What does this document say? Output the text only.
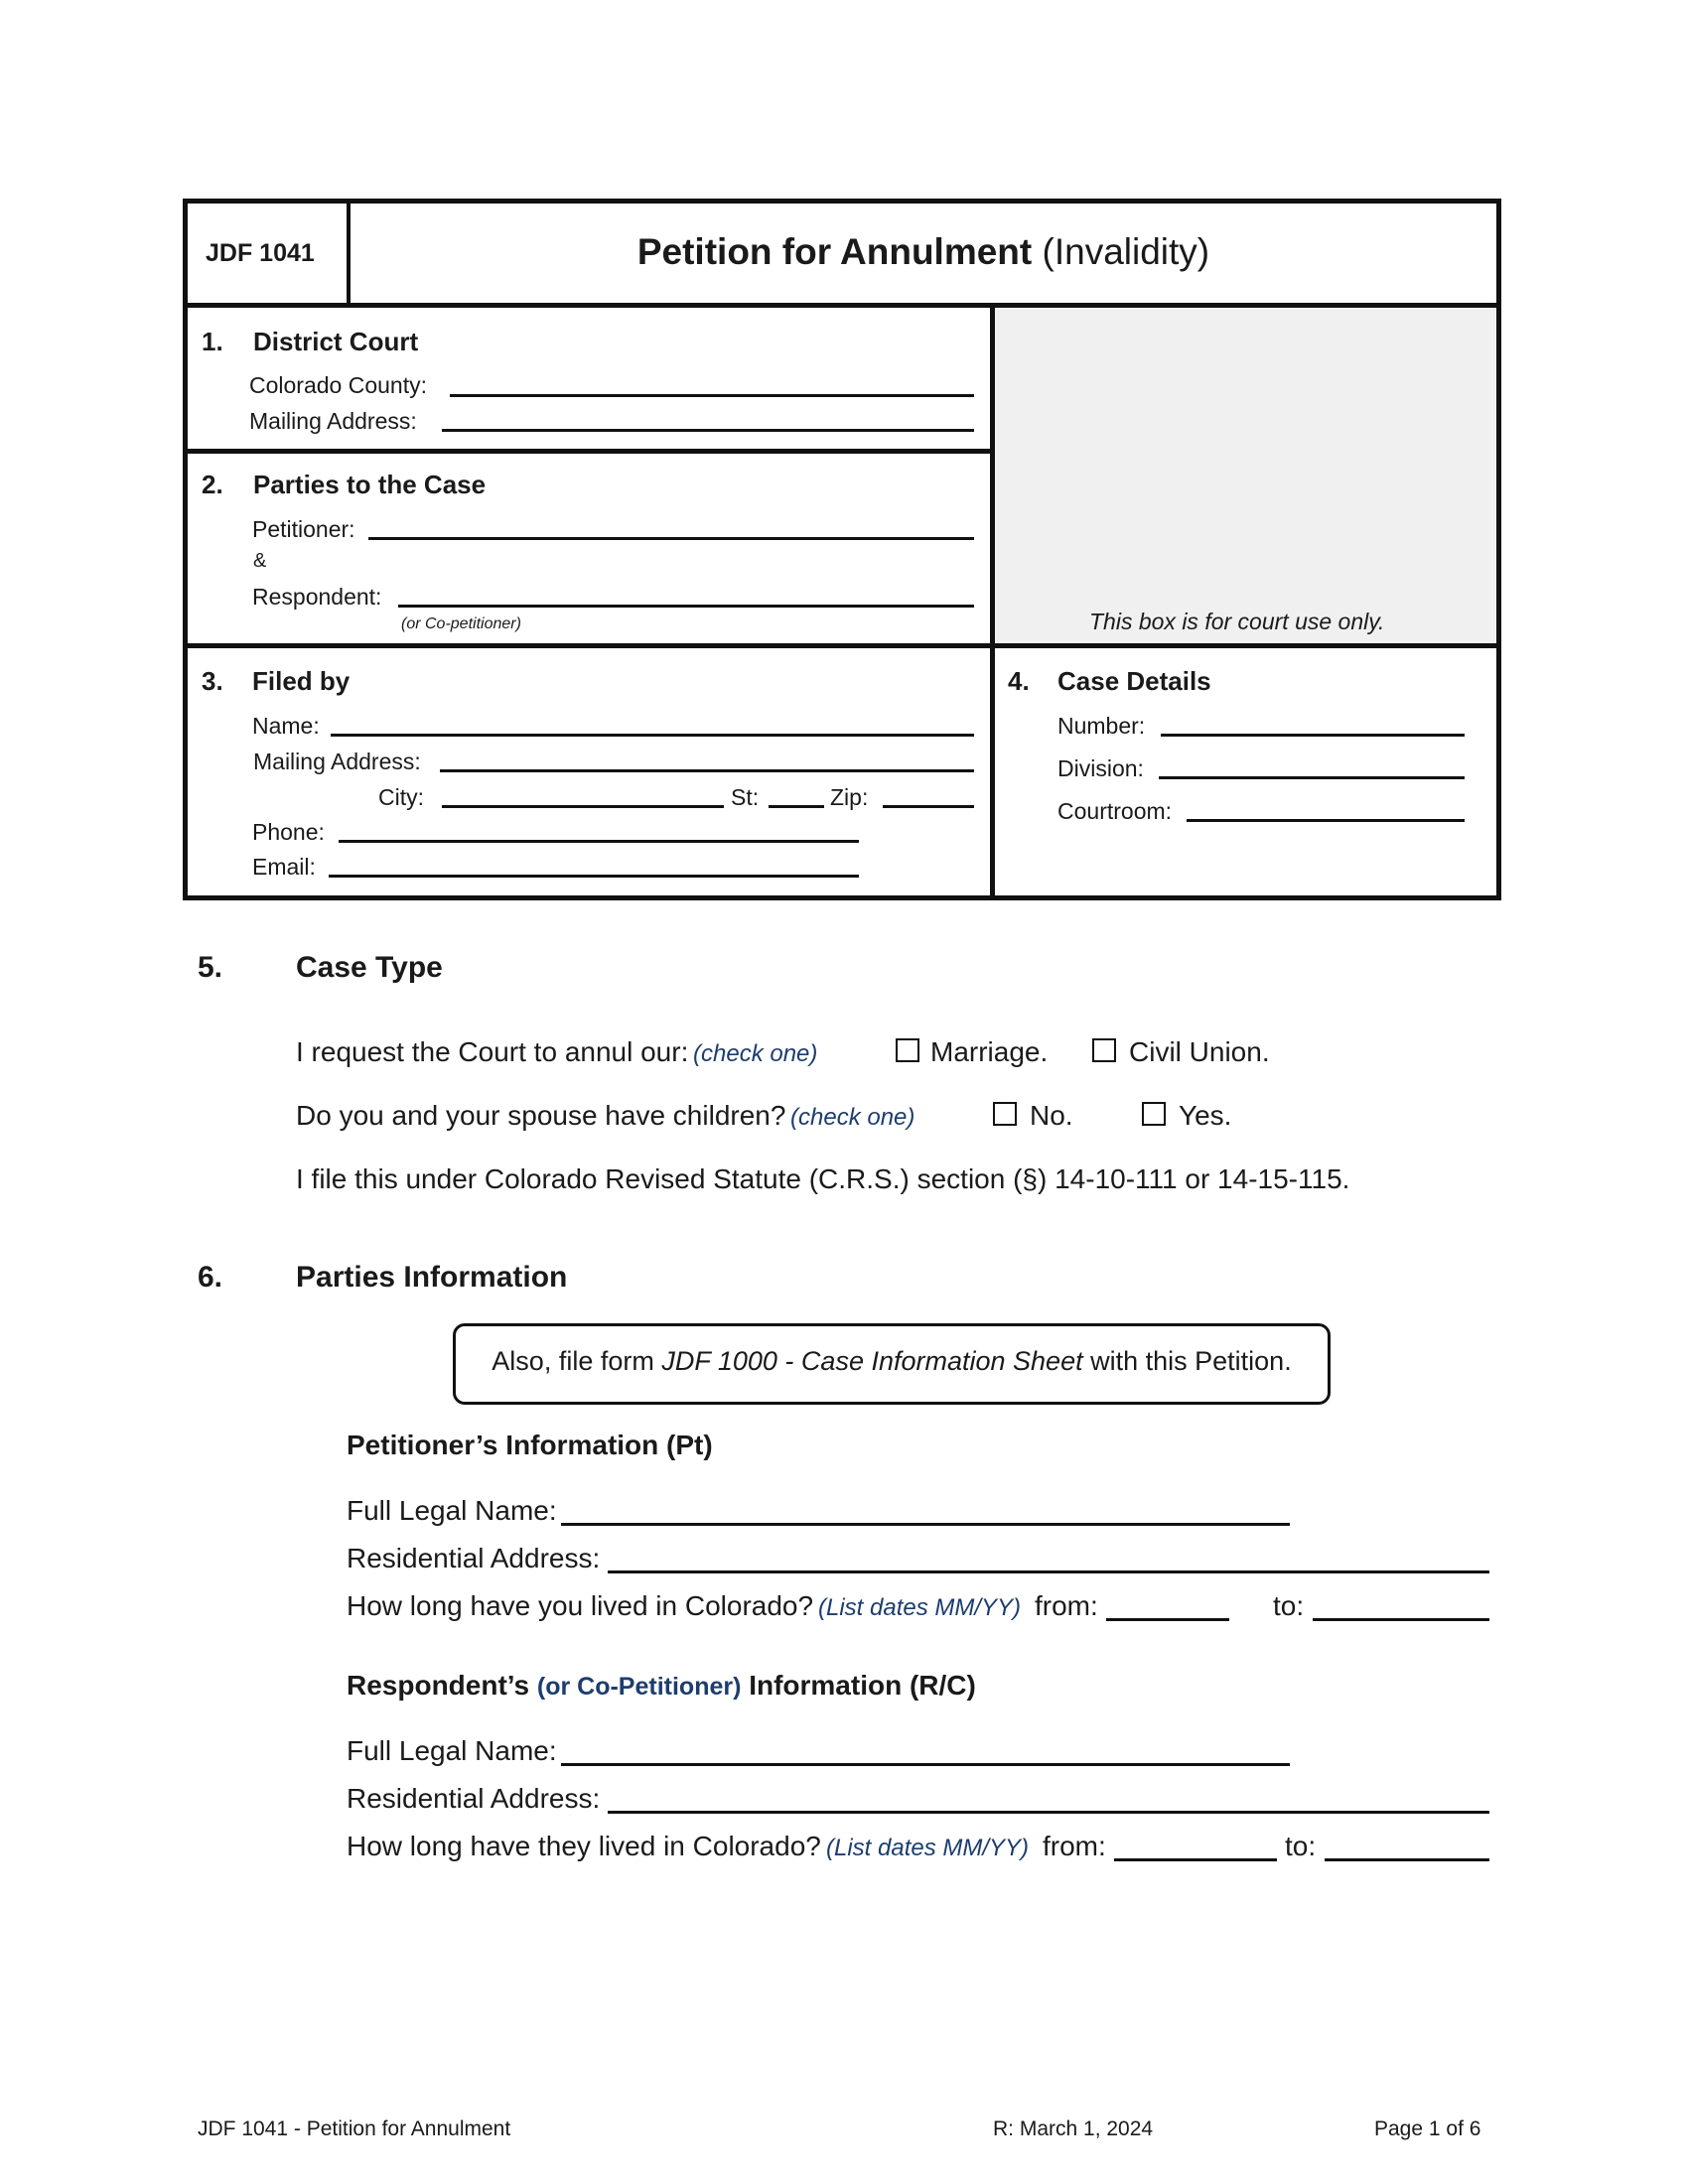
JDF 1041	Petition for Annulment (Invalidity)
This box is for court use only.
1. District Court
Colorado County:
Mailing Address:
2. Parties to the Case
Petitioner:
&
Respondent:
(or Co-petitioner)
3. Filed by
Name:
Mailing Address:
City:	St:	Zip:
Phone:
Email:
4. Case Details
Number:
Division:
Courtroom:
5. Case Type
I request the Court to annul our: (check one)	Marriage.	Civil Union.
Do you and your spouse have children? (check one)	No.	Yes.
I file this under Colorado Revised Statute (C.R.S.) section (§) 14-10-111 or 14-15-115.
6. Parties Information
Also, file form JDF 1000 - Case Information Sheet with this Petition.
Petitioner’s Information (Pt)
Full Legal Name:
Residential Address:
How long have you lived in Colorado? (List dates MM/YY) from:	to:
Respondent’s (or Co-Petitioner) Information (R/C)
Full Legal Name:
Residential Address:
How long have they lived in Colorado? (List dates MM/YY) from:	to:
JDF 1041 - Petition for Annulment	R: March 1, 2024	Page 1 of 6
